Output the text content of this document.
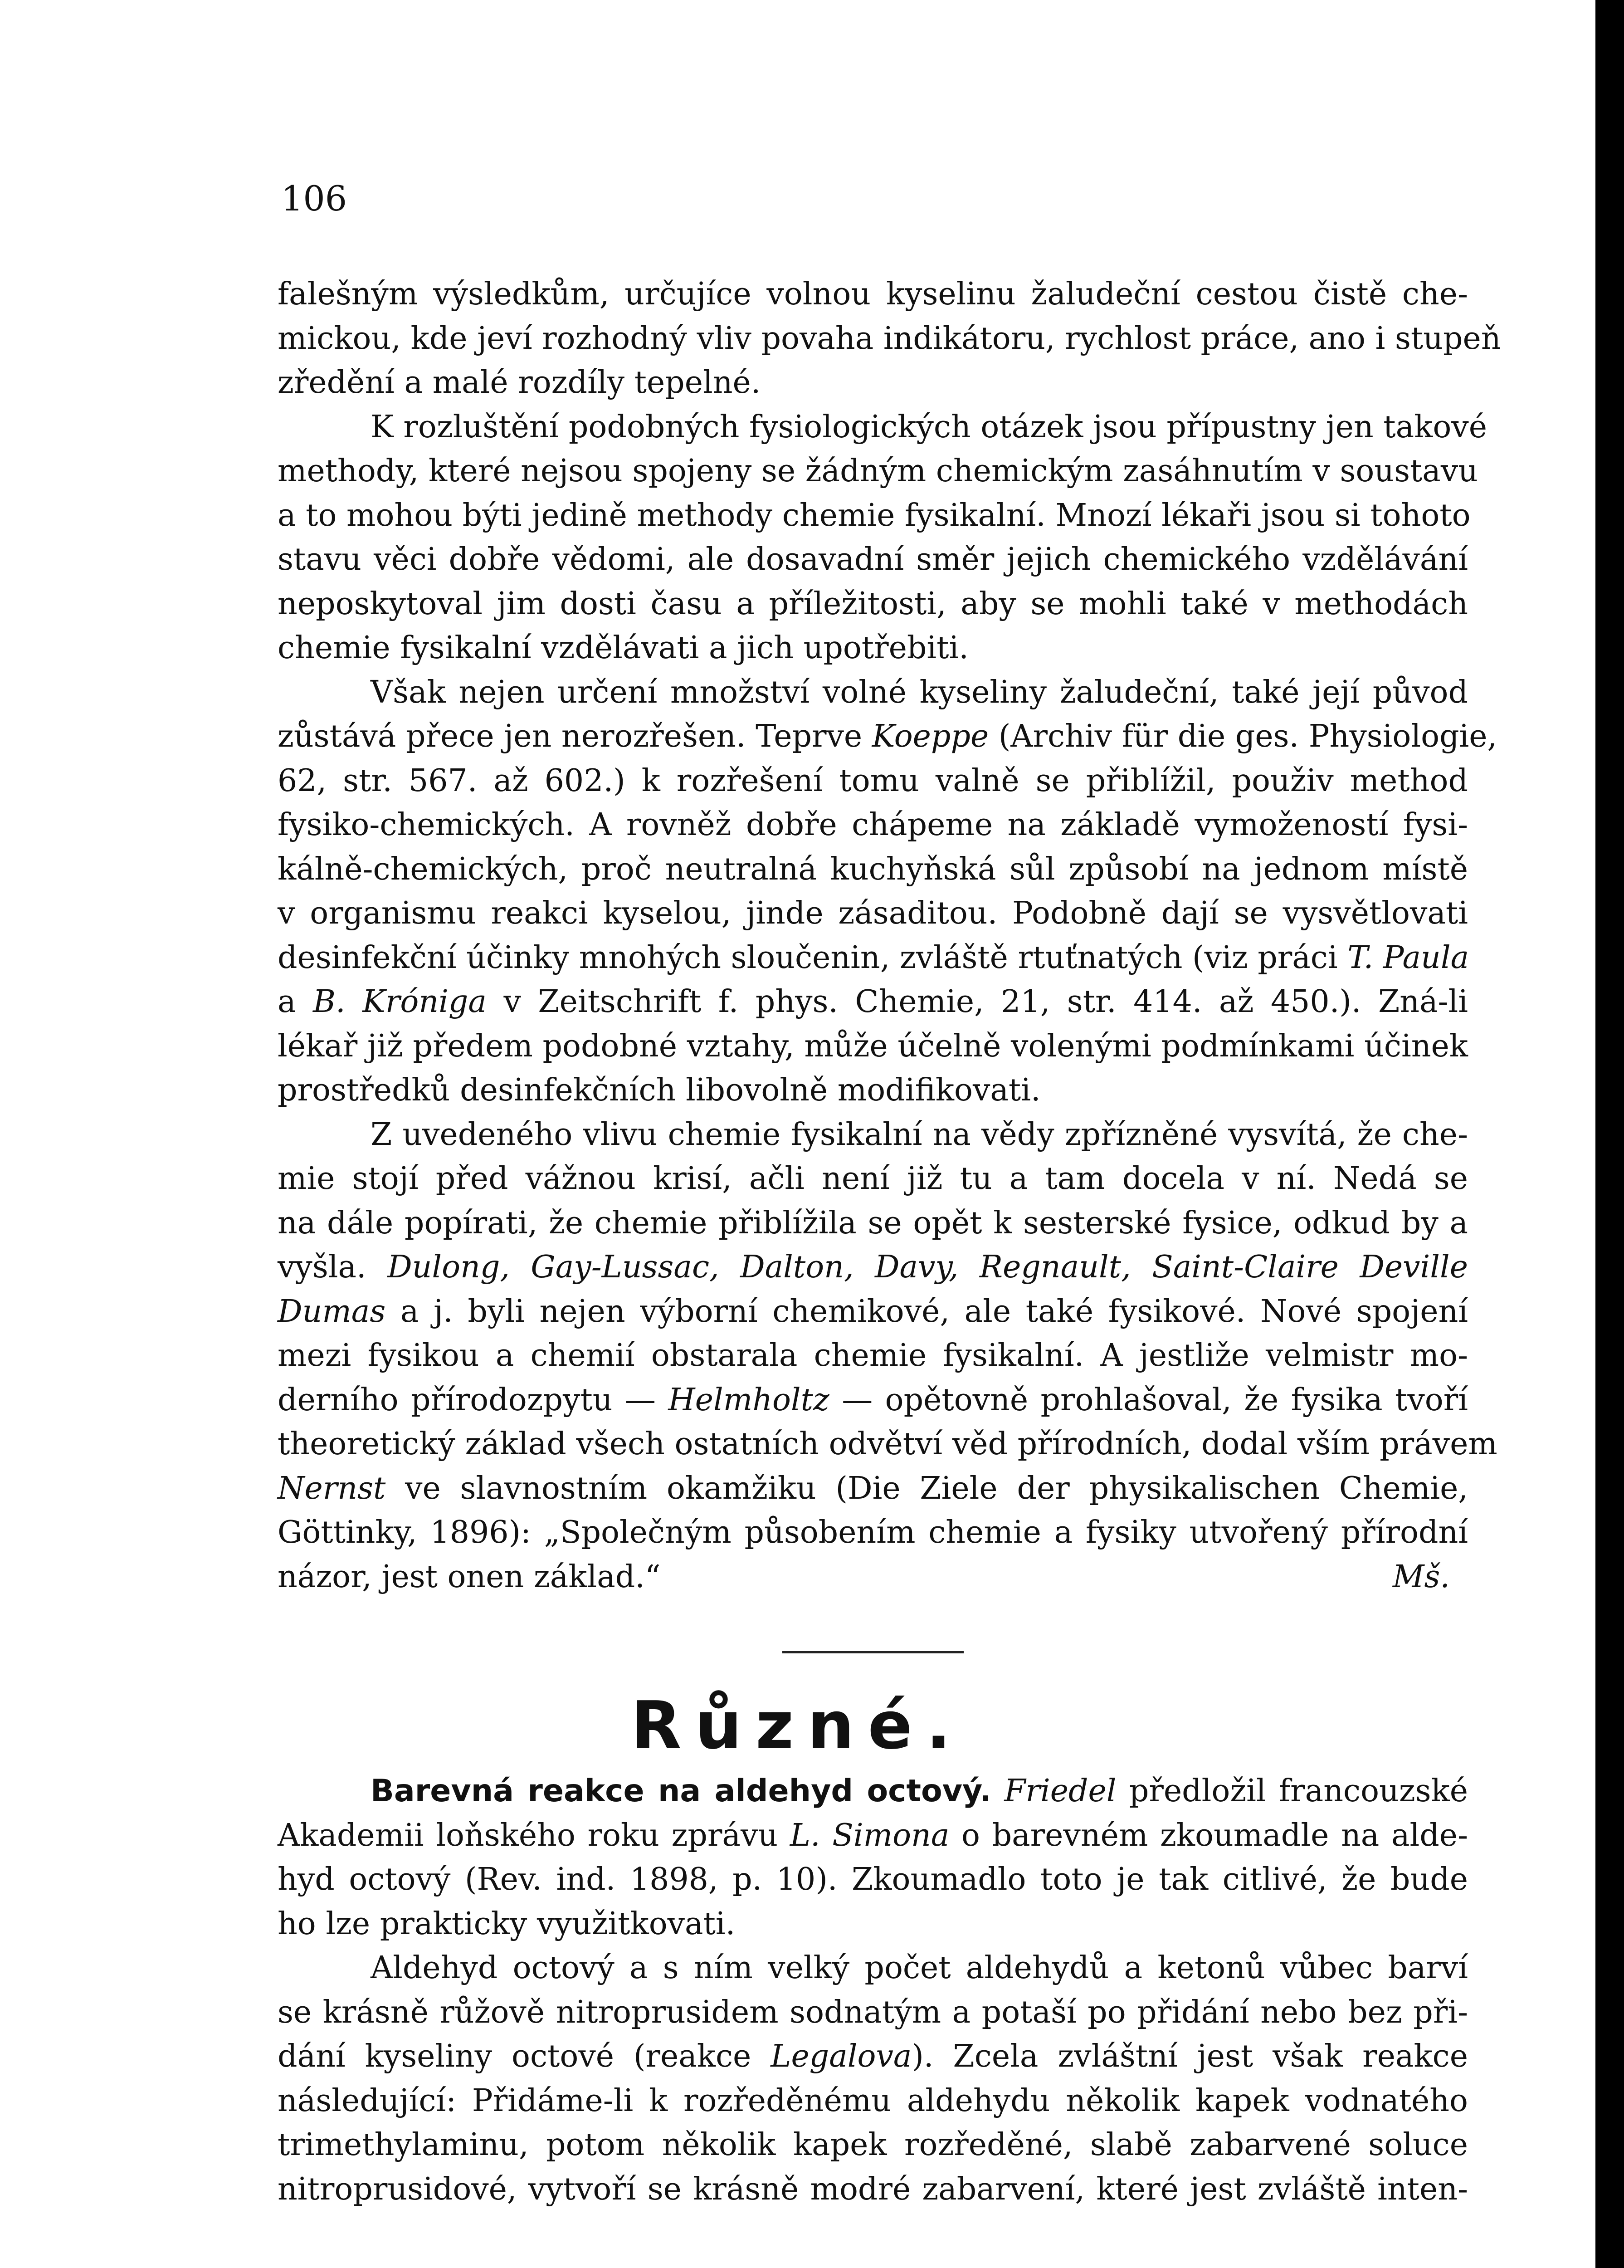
106
falešným výsledkům, určujíce volnou kyselinu žaludeční cestou čistě che-
mickou, kde jeví rozhodný vliv povaha indikátoru, rychlost práce, ano i stupeň
zředění a malé rozdíly tepelné.
K rozluštění podobných fysiologických otázek jsou přípustny jen takové
methody, které nejsou spojeny se žádným chemickým zasáhnutím v soustavu
a to mohou býti jedině methody chemie fysikalní. Mnozí lékaři jsou si tohoto
stavu věci dobře vědomi, ale dosavadní směr jejich chemického vzdělávání
neposkytoval jim dosti času a příležitosti, aby se mohli také v methodách
chemie fysikalní vzdělávati a jich upotřebiti.
Však nejen určení množství volné kyseliny žaludeční, také její původ
zůstává přece jen nerozřešen. Teprve Koeppe (Archiv für die ges. Physiologie,
62, str. 567. až 602.) k rozřešení tomu valně se přiblížil, použiv method
fysiko-chemických. A rovněž dobře chápeme na základě vymožeností fysi-
kálně-chemických, proč neutralná kuchyňská sůl způsobí na jednom místě
v organismu reakci kyselou, jinde zásaditou. Podobně dají se vysvětlovati
desinfekční účinky mnohých sloučenin, zvláště rtuťnatých (viz práci T. Paula
a B. Króniga v Zeitschrift f. phys. Chemie, 21, str. 414. až 450.). Zná-li
lékař již předem podobné vztahy, může účelně volenými podmínkami účinek
prostředků desinfekčních libovolně modifikovati.
Z uvedeného vlivu chemie fysikalní na vědy zpřízněné vysvítá, že che-
mie stojí před vážnou krisí, ačli není již tu a tam docela v ní. Nedá se
na dále popírati, že chemie přiblížila se opět k sesterské fysice, odkud by a
vyšla. Dulong, Gay-Lussac, Dalton, Davy, Regnault, Saint-Claire Deville
Dumas a j. byli nejen výborní chemikové, ale také fysikové. Nové spojení
mezi fysikou a chemií obstarala chemie fysikalní. A jestliže velmistr mo-
derního přírodozpytu — Helmholtz — opětovně prohlašoval, že fysika tvoří
theoretický základ všech ostatních odvětví věd přírodních, dodal vším právem
Nernst ve slavnostním okamžiku (Die Ziele der physikalischen Chemie,
Göttinky, 1896): „Společným působením chemie a fysiky utvořený přírodní
názor, jest onen základ.“	Mš.
Různé.
Barevná reakce na aldehyd octový. Friedel předložil francouzské
Akademii loňského roku zprávu L. Simona o barevném zkoumadle na alde-
hyd octový (Rev. ind. 1898, p. 10). Zkoumadlo toto je tak citlivé, že bude
ho lze prakticky využitkovati.
Aldehyd octový a s ním velký počet aldehydů a ketonů vůbec barví
se krásně růžově nitroprusidem sodnatým a potaší po přidání nebo bez při-
dání kyseliny octové (reakce Legalova). Zcela zvláštní jest však reakce
následující: Přidáme-li k rozředěnému aldehydu několik kapek vodnatého
trimethylaminu, potom několik kapek rozředěné, slabě zabarvené soluce
nitroprusidové, vytvoří se krásně modré zabarvení, které jest zvláště inten-
